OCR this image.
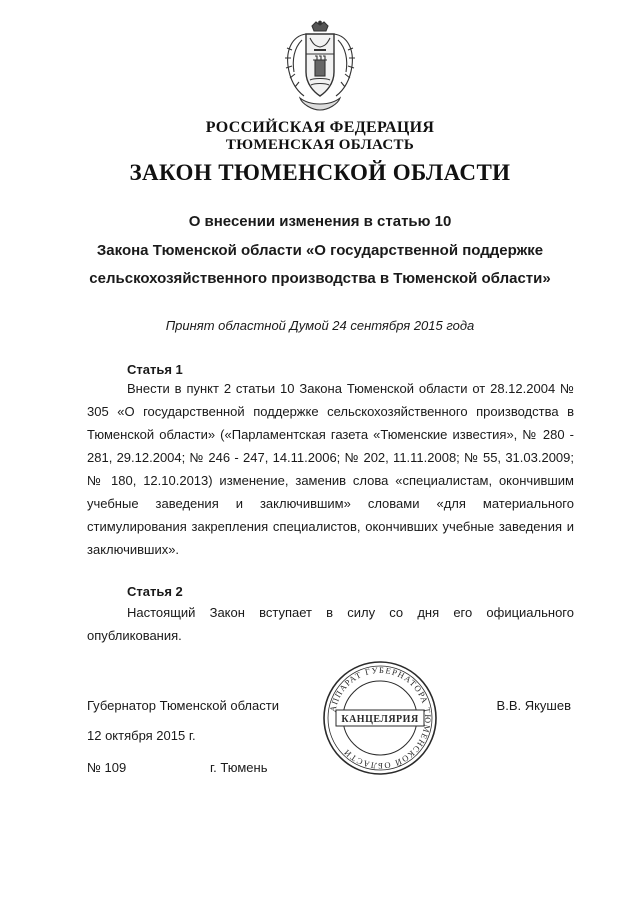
РОССИЙСКАЯ ФЕДЕРАЦИЯ
ТЮМЕНСКАЯ ОБЛАСТЬ
ЗАКОН ТЮМЕНСКОЙ ОБЛАСТИ
О внесении изменения в статью 10
Закона Тюменской области «О государственной поддержке
сельскохозяйственного производства в Тюменской области»
Принят областной Думой 24 сентября 2015 года
Статья 1

Внести в пункт 2 статьи 10 Закона Тюменской области от 28.12.2004 № 305 «О государственной поддержке сельскохозяйственного производства в Тюменской области» («Парламентская газета «Тюменские известия», № 280 - 281, 29.12.2004; № 246 - 247, 14.11.2006; № 202, 11.11.2008; № 55, 31.03.2009; № 180, 12.10.2013) изменение, заменив слова «специалистам, окончившим учебные заведения и заключившим» словами «для материального стимулирования закрепления специалистов, окончивших учебные заведения и заключивших».

Статья 2

Настоящий Закон вступает в силу со дня его официального опубликования.

Губернатор Тюменской области	В.В. Якушев
12 октября 2015 г.
№ 109	г. Тюмень
АППАРАТ ГУБЕРНАТОРА ТЮМЕНСКОЙ ОБЛАСТИ
КАНЦЕЛЯРИЯ
